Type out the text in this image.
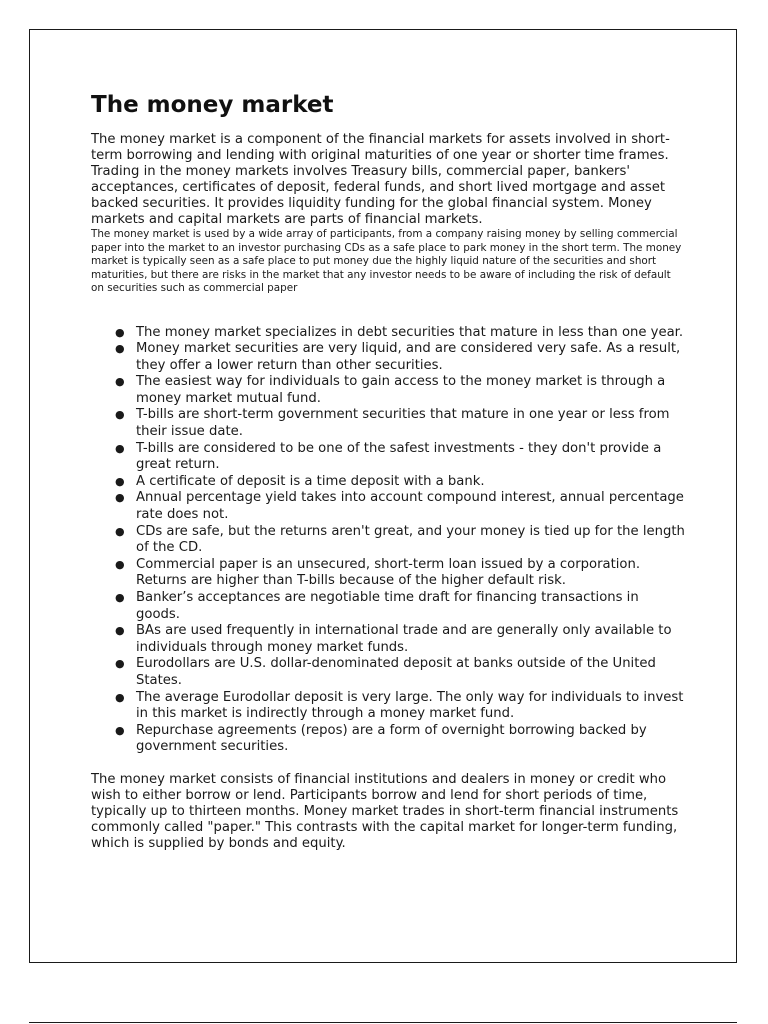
The money market

The money market is a component of the financial markets for assets involved in short-term borrowing and lending with original maturities of one year or shorter time frames. Trading in the money markets involves Treasury bills, commercial paper, bankers' acceptances, certificates of deposit, federal funds, and short lived mortgage and asset backed securities. It provides liquidity funding for the global financial system. Money markets and capital markets are parts of financial markets.

The money market is used by a wide array of participants, from a company raising money by selling commercial paper into the market to an investor purchasing CDs as a safe place to park money in the short term. The money market is typically seen as a safe place to put money due the highly liquid nature of the securities and short maturities, but there are risks in the market that any investor needs to be aware of including the risk of default on securities such as commercial paper

● The money market specializes in debt securities that mature in less than one year.
● Money market securities are very liquid, and are considered very safe. As a result, they offer a lower return than other securities.
● The easiest way for individuals to gain access to the money market is through a money market mutual fund.
● T-bills are short-term government securities that mature in one year or less from their issue date.
● T-bills are considered to be one of the safest investments - they don't provide a great return.
● A certificate of deposit is a time deposit with a bank.
● Annual percentage yield takes into account compound interest, annual percentage rate does not.
● CDs are safe, but the returns aren't great, and your money is tied up for the length of the CD.
● Commercial paper is an unsecured, short-term loan issued by a corporation. Returns are higher than T-bills because of the higher default risk.
● Banker’s acceptances are negotiable time draft for financing transactions in goods.
● BAs are used frequently in international trade and are generally only available to individuals through money market funds.
● Eurodollars are U.S. dollar-denominated deposit at banks outside of the United States.
● The average Eurodollar deposit is very large. The only way for individuals to invest in this market is indirectly through a money market fund.
● Repurchase agreements (repos) are a form of overnight borrowing backed by government securities.

The money market consists of financial institutions and dealers in money or credit who wish to either borrow or lend. Participants borrow and lend for short periods of time, typically up to thirteen months. Money market trades in short-term financial instruments commonly called "paper." This contrasts with the capital market for longer-term funding, which is supplied by bonds and equity.
